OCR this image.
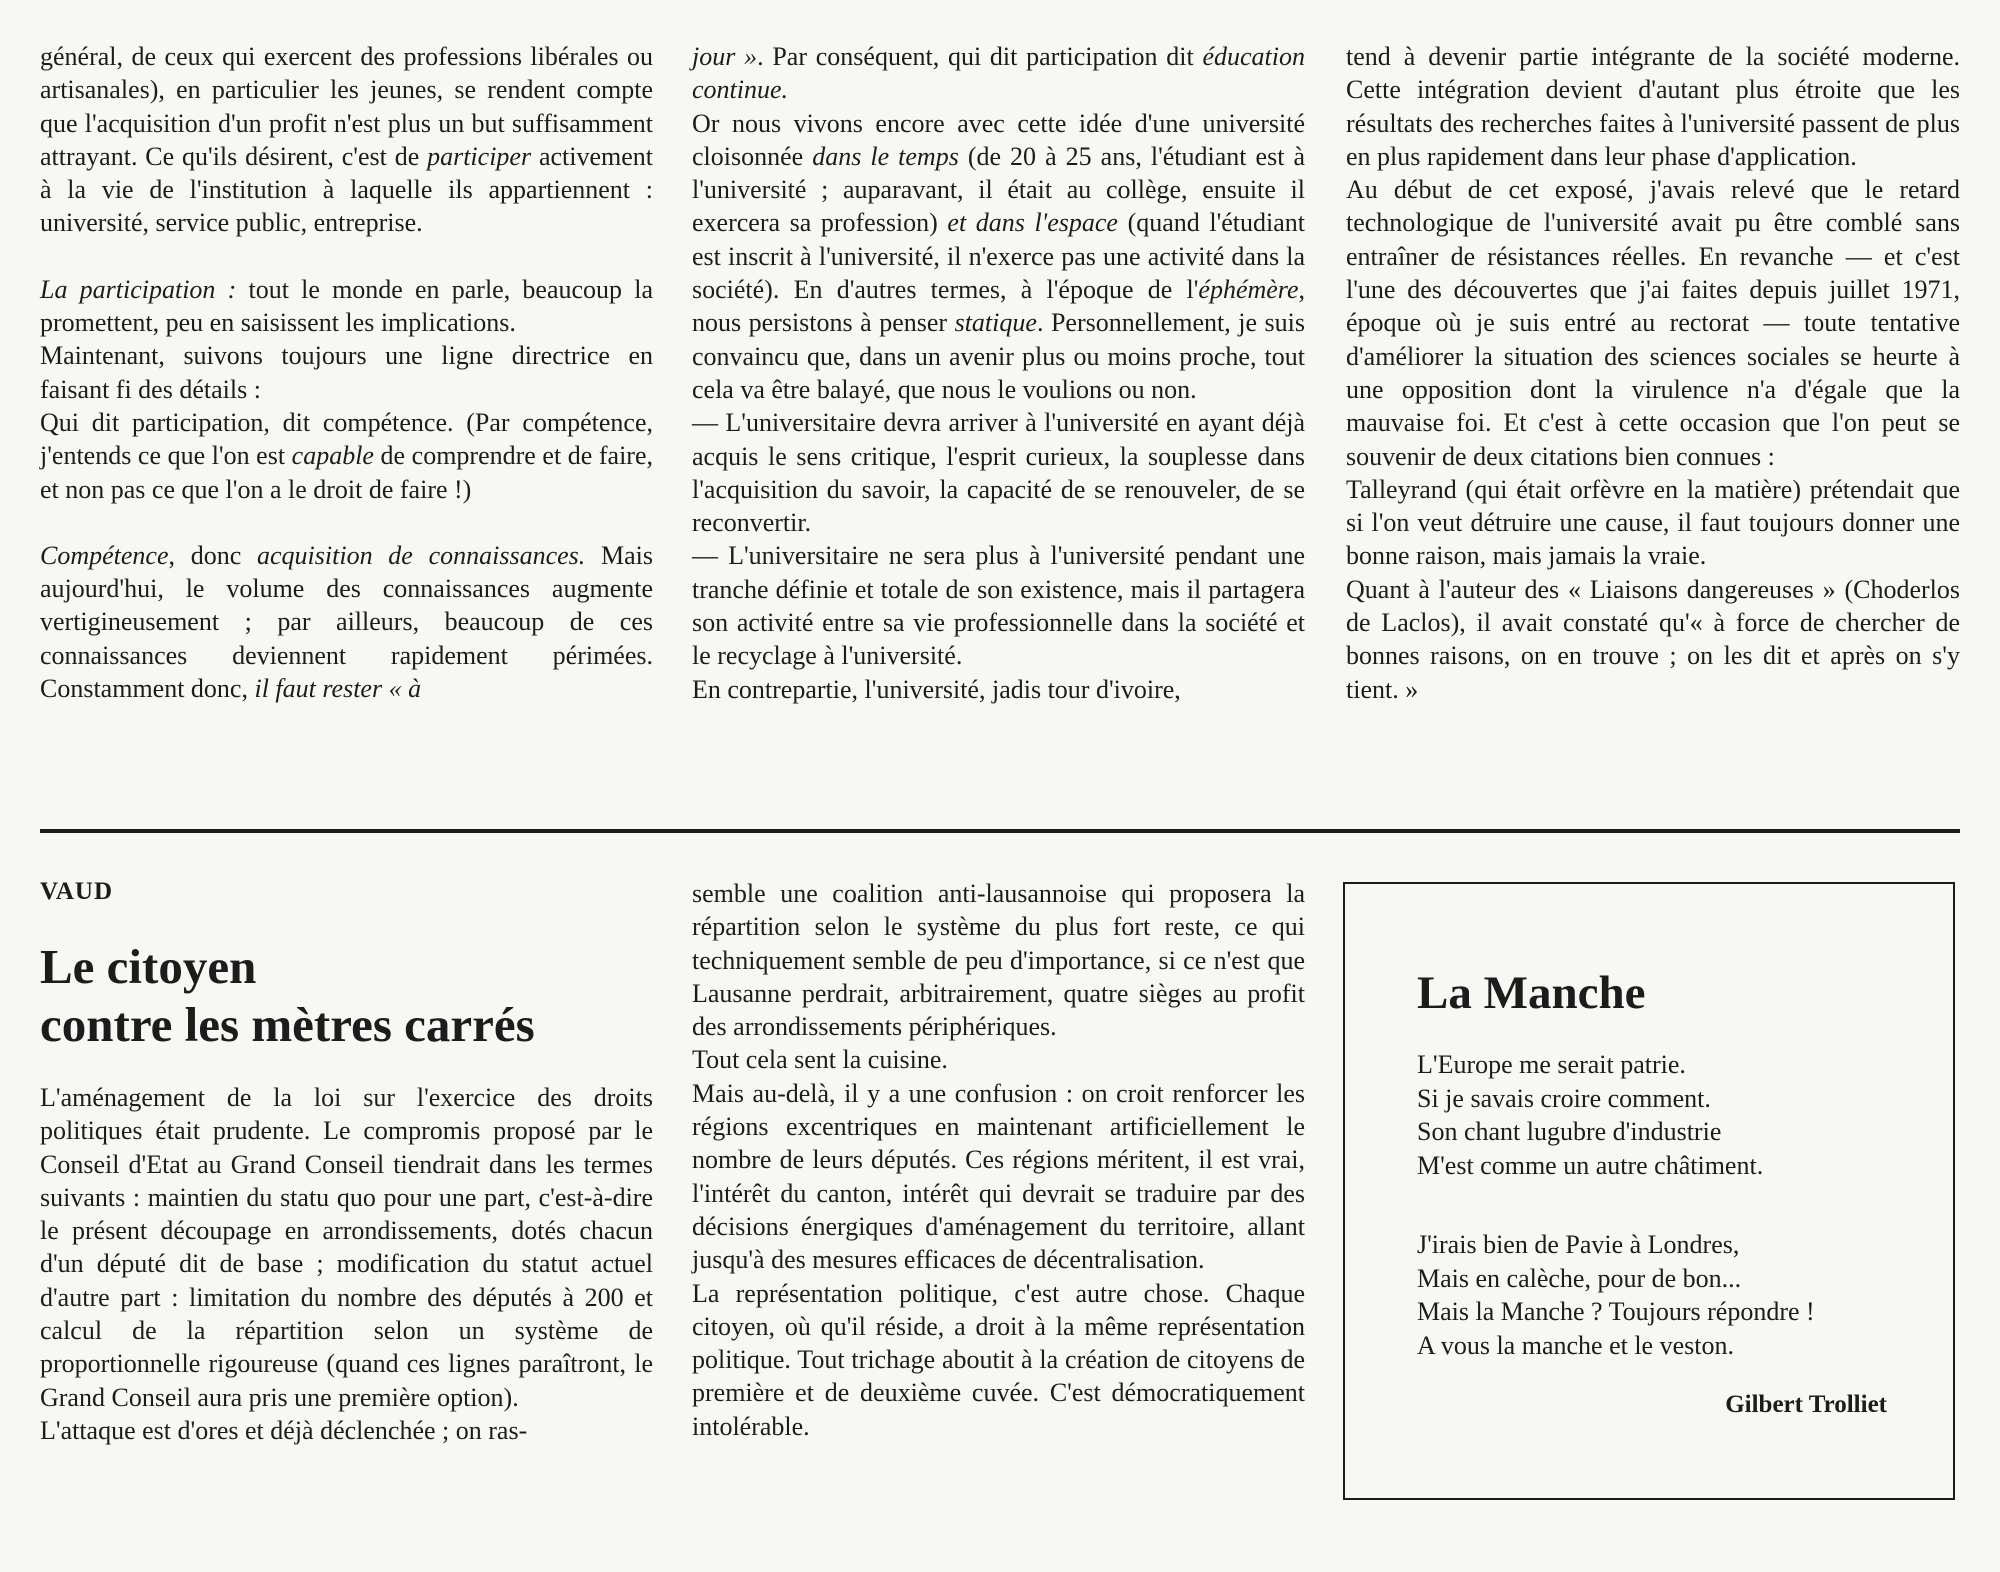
général, de ceux qui exercent des professions libérales ou artisanales), en particulier les jeunes, se rendent compte que l'acquisition d'un profit n'est plus un but suffisamment attrayant. Ce qu'ils désirent, c'est de participer activement à la vie de l'institution à laquelle ils appartiennent : université, service public, entreprise.
La participation : tout le monde en parle, beaucoup la promettent, peu en saisissent les implications.
Maintenant, suivons toujours une ligne directrice en faisant fi des détails :
Qui dit participation, dit compétence. (Par compétence, j'entends ce que l'on est capable de comprendre et de faire, et non pas ce que l'on a le droit de faire !)
Compétence, donc acquisition de connaissances. Mais aujourd'hui, le volume des connaissances augmente vertigineusement ; par ailleurs, beaucoup de ces connaissances deviennent rapidement périmées. Constamment donc, il faut rester « à
jour ». Par conséquent, qui dit participation dit éducation continue.
Or nous vivons encore avec cette idée d'une université cloisonnée dans le temps (de 20 à 25 ans, l'étudiant est à l'université ; auparavant, il était au collège, ensuite il exercera sa profession) et dans l'espace (quand l'étudiant est inscrit à l'université, il n'exerce pas une activité dans la société). En d'autres termes, à l'époque de l'éphémère, nous persistons à penser statique. Personnellement, je suis convaincu que, dans un avenir plus ou moins proche, tout cela va être balayé, que nous le voulions ou non.
— L'universitaire devra arriver à l'université en ayant déjà acquis le sens critique, l'esprit curieux, la souplesse dans l'acquisition du savoir, la capacité de se renouveler, de se reconvertir.
— L'universitaire ne sera plus à l'université pendant une tranche définie et totale de son existence, mais il partagera son activité entre sa vie professionnelle dans la société et le recyclage à l'université.
En contrepartie, l'université, jadis tour d'ivoire,
tend à devenir partie intégrante de la société moderne. Cette intégration devient d'autant plus étroite que les résultats des recherches faites à l'université passent de plus en plus rapidement dans leur phase d'application.
Au début de cet exposé, j'avais relevé que le retard technologique de l'université avait pu être comblé sans entraîner de résistances réelles. En revanche — et c'est l'une des découvertes que j'ai faites depuis juillet 1971, époque où je suis entré au rectorat — toute tentative d'améliorer la situation des sciences sociales se heurte à une opposition dont la virulence n'a d'égale que la mauvaise foi. Et c'est à cette occasion que l'on peut se souvenir de deux citations bien connues :
Talleyrand (qui était orfèvre en la matière) prétendait que si l'on veut détruire une cause, il faut toujours donner une bonne raison, mais jamais la vraie.
Quant à l'auteur des « Liaisons dangereuses » (Choderlos de Laclos), il avait constaté qu'« à force de chercher de bonnes raisons, on en trouve ; on les dit et après on s'y tient. »
VAUD
Le citoyen
contre les mètres carrés
L'aménagement de la loi sur l'exercice des droits politiques était prudente. Le compromis proposé par le Conseil d'Etat au Grand Conseil tiendrait dans les termes suivants : maintien du statu quo pour une part, c'est-à-dire le présent découpage en arrondissements, dotés chacun d'un député dit de base ; modification du statut actuel d'autre part : limitation du nombre des députés à 200 et calcul de la répartition selon un système de proportionnelle rigoureuse (quand ces lignes paraîtront, le Grand Conseil aura pris une première option).
L'attaque est d'ores et déjà déclenchée ; on ras-
semble une coalition anti-lausannoise qui proposera la répartition selon le système du plus fort reste, ce qui techniquement semble de peu d'importance, si ce n'est que Lausanne perdrait, arbitrairement, quatre sièges au profit des arrondissements périphériques.
Tout cela sent la cuisine.
Mais au-delà, il y a une confusion : on croit renforcer les régions excentriques en maintenant artificiellement le nombre de leurs députés. Ces régions méritent, il est vrai, l'intérêt du canton, intérêt qui devrait se traduire par des décisions énergiques d'aménagement du territoire, allant jusqu'à des mesures efficaces de décentralisation.
La représentation politique, c'est autre chose. Chaque citoyen, où qu'il réside, a droit à la même représentation politique. Tout trichage aboutit à la création de citoyens de première et de deuxième cuvée. C'est démocratiquement intolérable.
La Manche
L'Europe me serait patrie.
Si je savais croire comment.
Son chant lugubre d'industrie
M'est comme un autre châtiment.
J'irais bien de Pavie à Londres,
Mais en calèche, pour de bon...
Mais la Manche ? Toujours répondre !
A vous la manche et le veston.
Gilbert Trolliet
